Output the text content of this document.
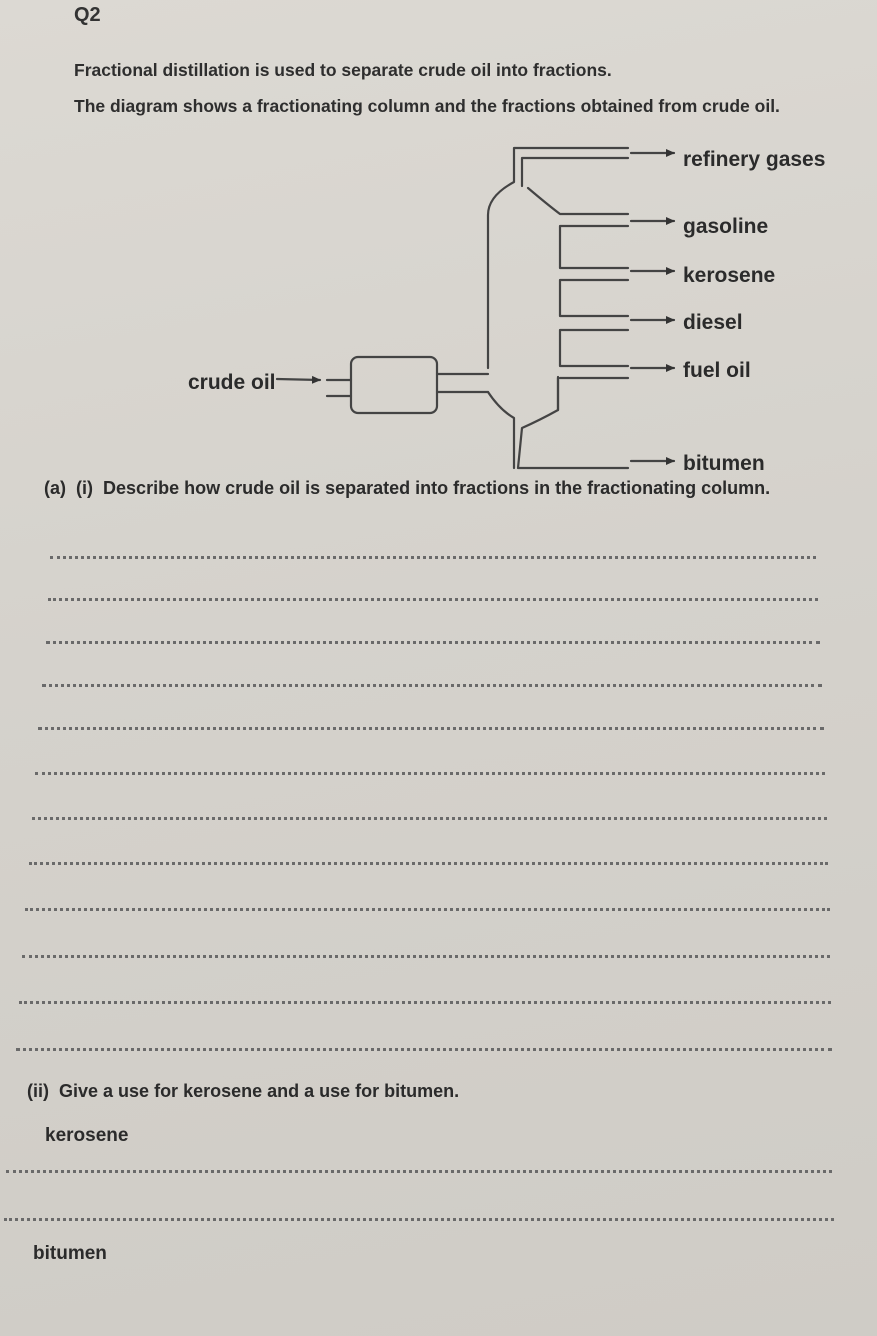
Q2
Fractional distillation is used to separate crude oil into fractions.
The diagram shows a fractionating column and the fractions obtained from crude oil.
crude oil
refinery gases
gasoline
kerosene
diesel
fuel oil
bitumen
(a) (i) Describe how crude oil is separated into fractions in the fractionating column.
(ii) Give a use for kerosene and a use for bitumen.
kerosene
bitumen
